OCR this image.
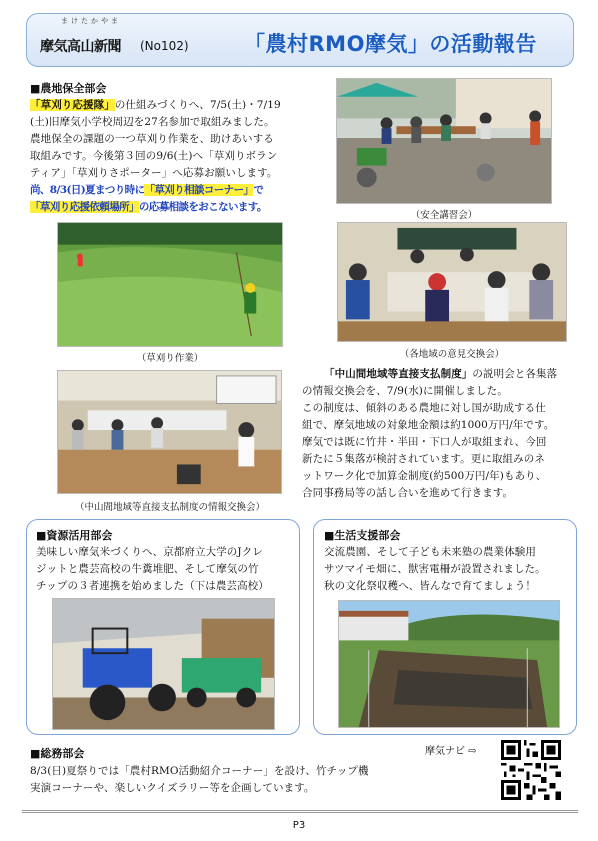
まけたかやま
摩気高山新聞 (No102)	「農村RMO摩気」の活動報告
■農地保全部会
「草刈り応援隊」の仕組みづくりへ、7/5(土)・7/19
(土)旧摩気小学校周辺を27名参加で取組みました。
農地保全の課題の一つ草刈り作業を、助けあいする
取組みです。今後第３回の9/6(土)へ「草刈りボラン
ティア」「草刈りさポーター」へ応募お願いします。
尚、8/3(日)夏まつり時に「草刈り相談コーナー」で
「草刈り応援依頼場所」の応募相談をおこないます。
（安全講習会）
（草刈り作業）	（各地域の意見交換会）
（中山間地域等直接支払制度の情報交換会）
「中山間地域等直接支払制度」の説明会と各集落
の情報交換会を、7/9(水)に開催しました。
この制度は、傾斜のある農地に対し国が助成する仕
組で、摩気地域の対象地金額は約1000万円/年です。
摩気では既に竹井・半田・下口人が取組まれ、今回
新たに５集落が検討されています。更に取組みのネ
ットワーク化で加算金制度(約500万円/年)もあり、
合同事務局等の話し合いを進めて行きます。
■資源活用部会
美味しい摩気米づくりへ、京都府立大学のJクレ
ジットと農芸高校の牛糞堆肥、そして摩気の竹
チップの３者連携を始めました（下は農芸高校）
■生活支援部会
交流農園、そして子ども未来塾の農業体験用
サツマイモ畑に、獣害電柵が設置されました。
秋の文化祭収穫へ、皆んなで育てましょう！
■総務部会
8/3(日)夏祭りでは「農村RMO活動紹介コーナー」を設け、竹チップ機
実演コーナーや、楽しいクイズラリー等を企画しています。
摩気ナビ ⇨
P3
